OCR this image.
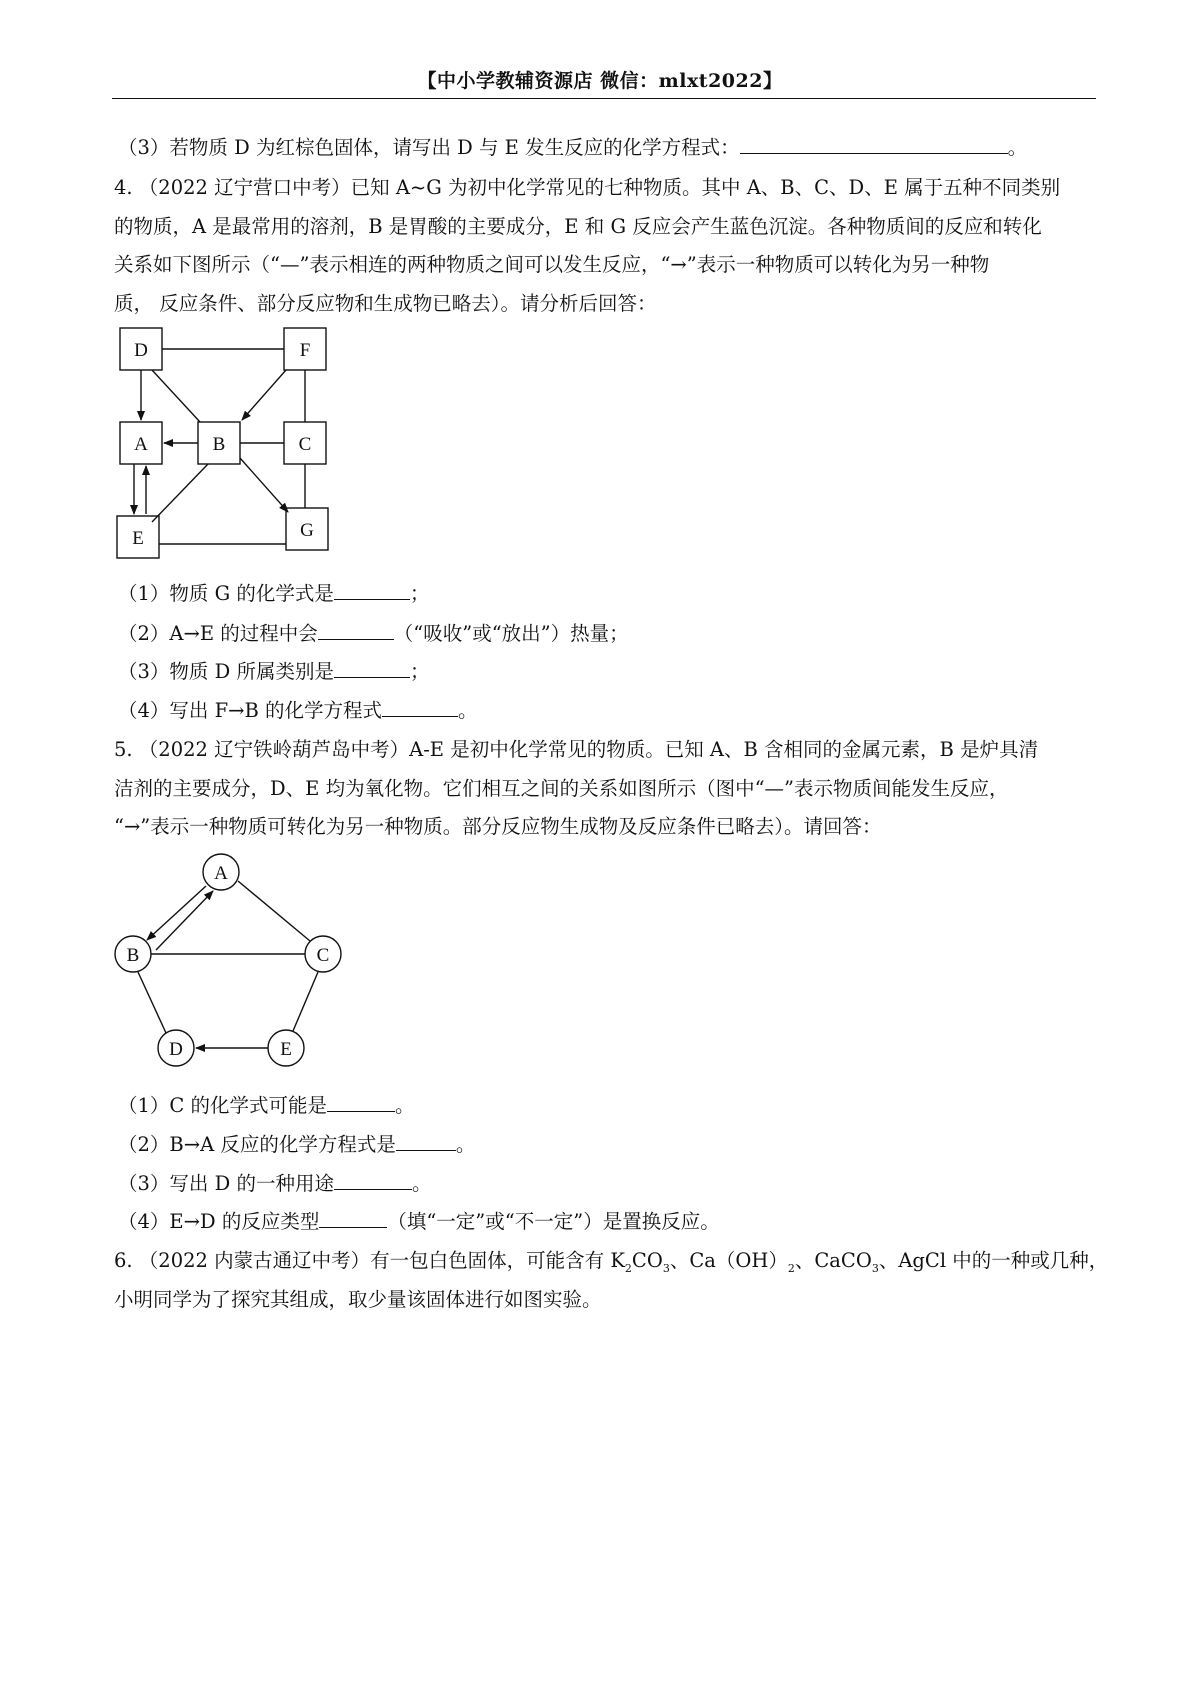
【中小学教辅资源店 微信：mlxt2022】
（3）若物质 D 为红棕色固体，请写出 D 与 E 发生反应的化学方程式：	。
4. （2022 辽宁营口中考）已知 A~G 为初中化学常见的七种物质。其中 A、B、C、D、E 属于五种不同类别
的物质，A 是最常用的溶剂，B 是胃酸的主要成分，E 和 G 反应会产生蓝色沉淀。各种物质间的反应和转化
关系如下图所示（“—”表示相连的两种物质之间可以发生反应，“→”表示一种物质可以转化为另一种物
质， 反应条件、部分反应物和生成物已略去）。请分析后回答：
D	F
A	B	C
E	G
（1）物质 G 的化学式是	；
（2）A→E 的过程中会	（“吸收”或“放出”）热量；
（3）物质 D 所属类别是	；
（4）写出 F→B 的化学方程式	。
5. （2022 辽宁铁岭葫芦岛中考）A-E 是初中化学常见的物质。已知 A、B 含相同的金属元素，B 是炉具清
洁剂的主要成分，D、E 均为氧化物。它们相互之间的关系如图所示（图中“—”表示物质间能发生反应，
“→”表示一种物质可转化为另一种物质。部分反应物生成物及反应条件已略去）。请回答：
A
B	C
D	E
（1）C 的化学式可能是	。
（2）B→A 反应的化学方程式是	。
（3）写出 D 的一种用途	。
（4）E→D 的反应类型	（填“一定”或“不一定”）是置换反应。
6. （2022 内蒙古通辽中考）有一包白色固体，可能含有 $K_2CO_3$、$Ca(OH)_2$、CaCO$_3$、AgCl 中的一种或几种，
小明同学为了探究其组成，取少量该固体进行如图实验。
